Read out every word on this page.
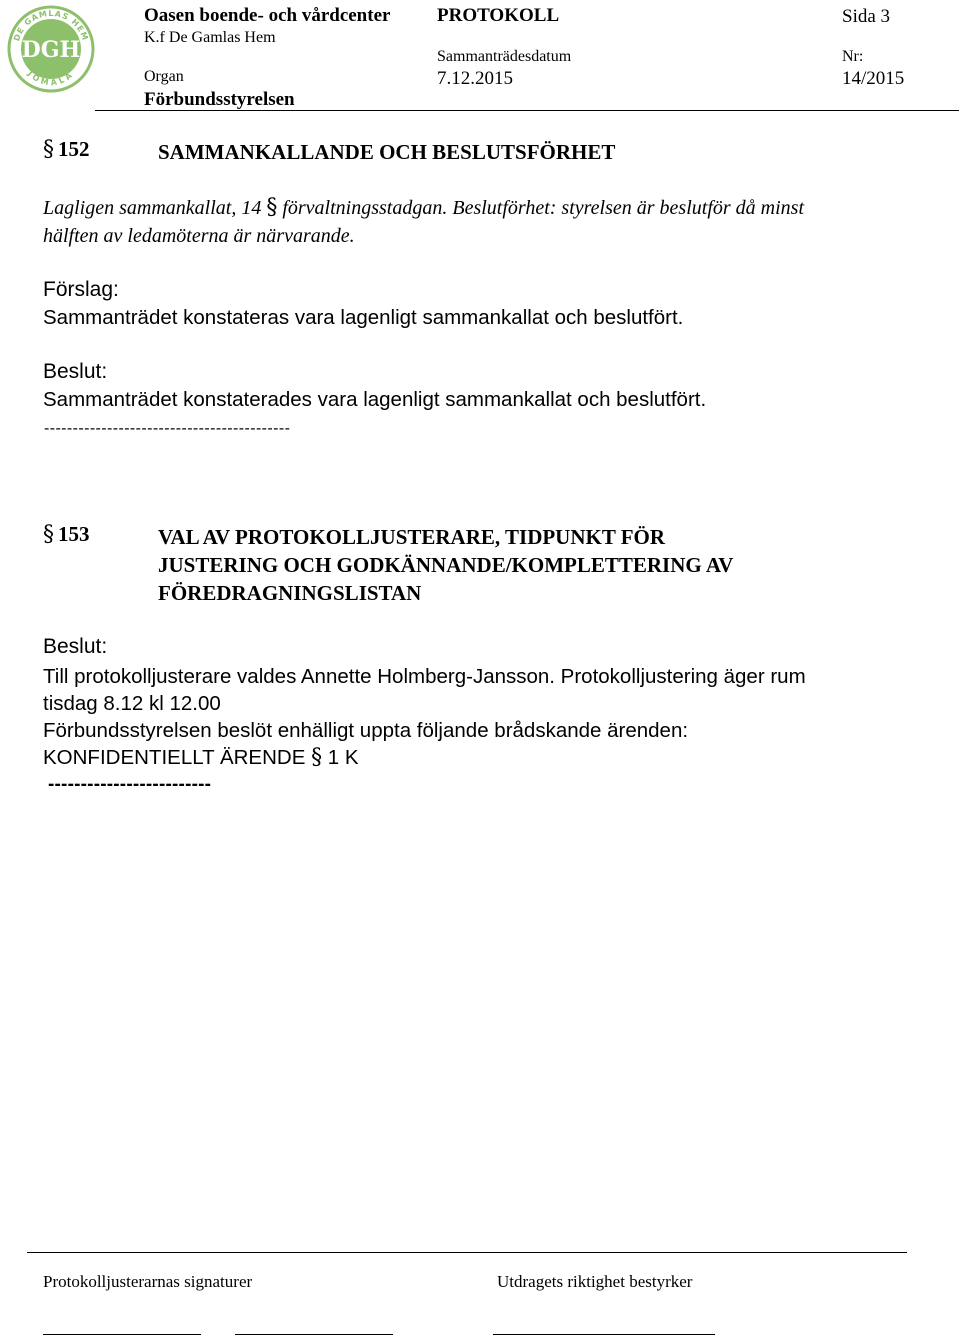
DE GAMLAS HEM
JOMALA
DGH
Oasen boende- och vårdcenter
K.f De Gamlas Hem
Organ
Förbundsstyrelsen
PROTOKOLL
Sammanträdesdatum
7.12.2015
Sida 3
Nr:
14/2015
§ 152	SAMMANKALLANDE OCH BESLUTSFÖRHET
Lagligen sammankallat, 14 § förvaltningsstadgan. Beslutförhet: styrelsen är beslutför då minst
hälften av ledamöterna är närvarande.
Förslag:
Sammanträdet konstateras vara lagenligt sammankallat och beslutfört.
Beslut:
Sammanträdet konstaterades vara lagenligt sammankallat och beslutfört.
-------------------------------------------
§ 153	VAL AV PROTOKOLLJUSTERARE, TIDPUNKT FÖR
JUSTERING OCH GODKÄNNANDE/KOMPLETTERING AV
FÖREDRAGNINGSLISTAN
Beslut:
Till protokolljusterare valdes Annette Holmberg-Jansson. Protokolljustering äger rum
tisdag 8.12 kl 12.00
Förbundsstyrelsen beslöt enhälligt uppta följande brådskande ärenden:
KONFIDENTIELLT ÄRENDE § 1 K
-------------------------
Protokolljusterarnas signaturer	Utdragets riktighet bestyrker
